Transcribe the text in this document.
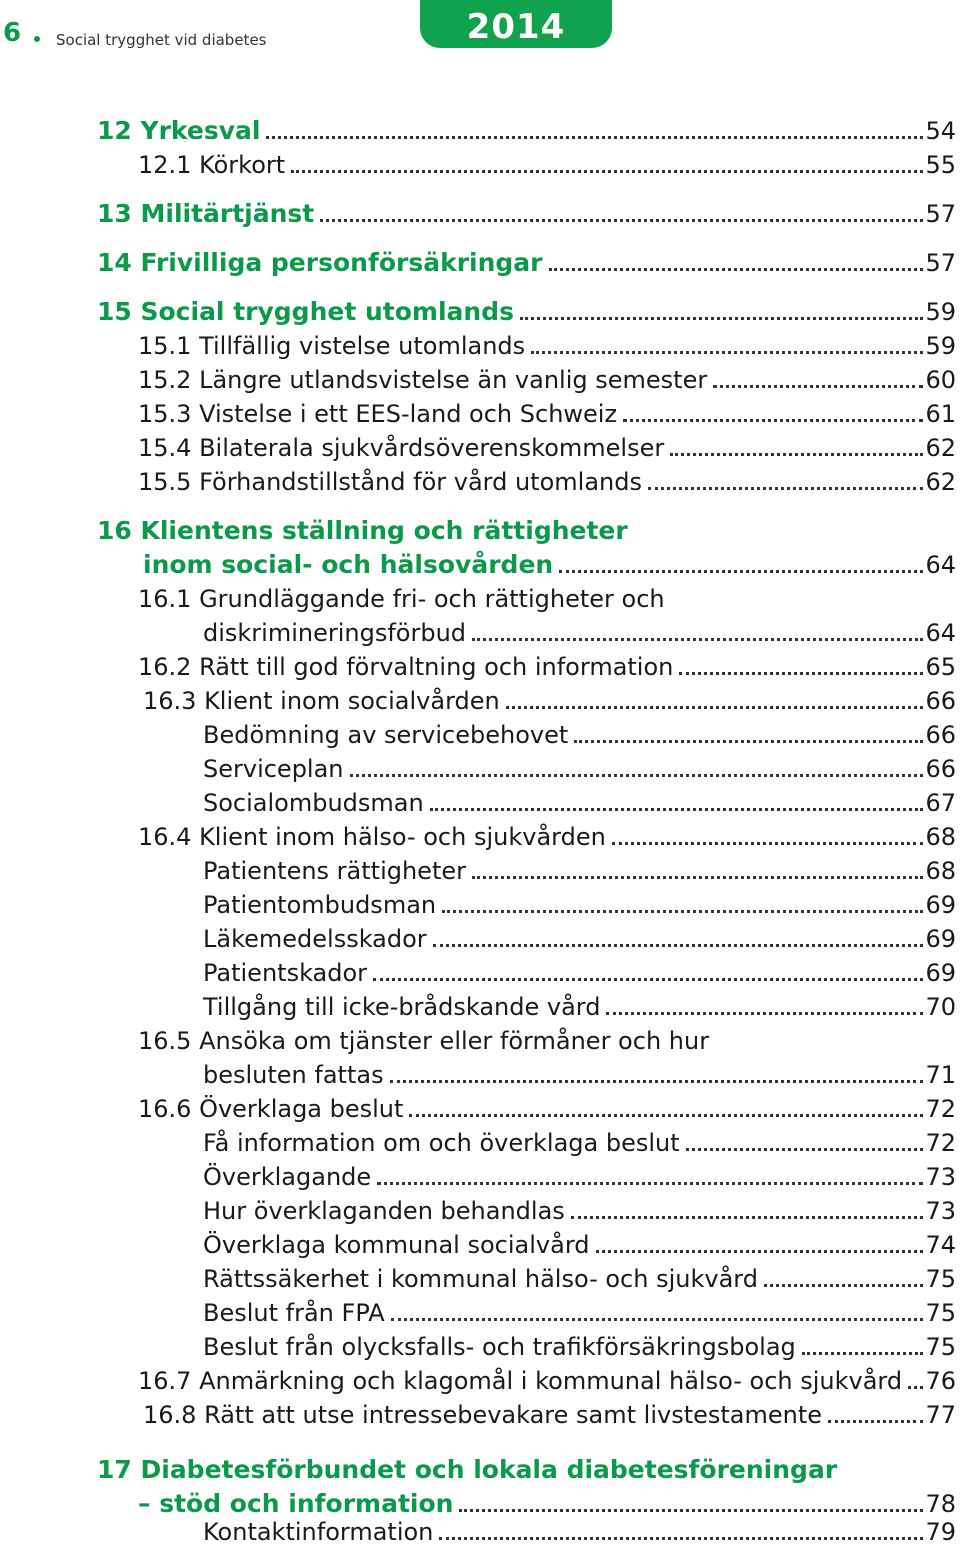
6 Social trygghet vid diabetes	2014
12 Yrkesval	54
12.1 Körkort	55
13 Militärtjänst	57
14 Frivilliga personförsäkringar	57
15 Social trygghet utomlands	59
15.1 Tillfällig vistelse utomlands	59
15.2 Längre utlandsvistelse än vanlig semester	60
15.3 Vistelse i ett EES-land och Schweiz	61
15.4 Bilaterala sjukvårdsöverenskommelser	62
15.5 Förhandstillstånd för vård utomlands	62
16 Klientens ställning och rättigheter
inom social- och hälsovården	64
16.1 Grundläggande fri- och rättigheter och
diskrimineringsförbud	64
16.2 Rätt till god förvaltning och information	65
16.3 Klient inom socialvården	66
Bedömning av servicebehovet	66
Serviceplan	66
Socialombudsman	67
16.4 Klient inom hälso- och sjukvården	68
Patientens rättigheter	68
Patientombudsman	69
Läkemedelsskador	69
Patientskador	69
Tillgång till icke-brådskande vård	70
16.5 Ansöka om tjänster eller förmåner och hur
besluten fattas	71
16.6 Överklaga beslut	72
Få information om och överklaga beslut	72
Överklagande	73
Hur överklaganden behandlas	73
Överklaga kommunal socialvård	74
Rättssäkerhet i kommunal hälso- och sjukvård	75
Beslut från FPA	75
Beslut från olycksfalls- och trafikförsäkringsbolag	75
16.7 Anmärkning och klagomål i kommunal hälso- och sjukvård 76
16.8 Rätt att utse intressebevakare samt livstestamente	77
17 Diabetesförbundet och lokala diabetesföreningar
– stöd och information	78
Kontaktinformation	79
